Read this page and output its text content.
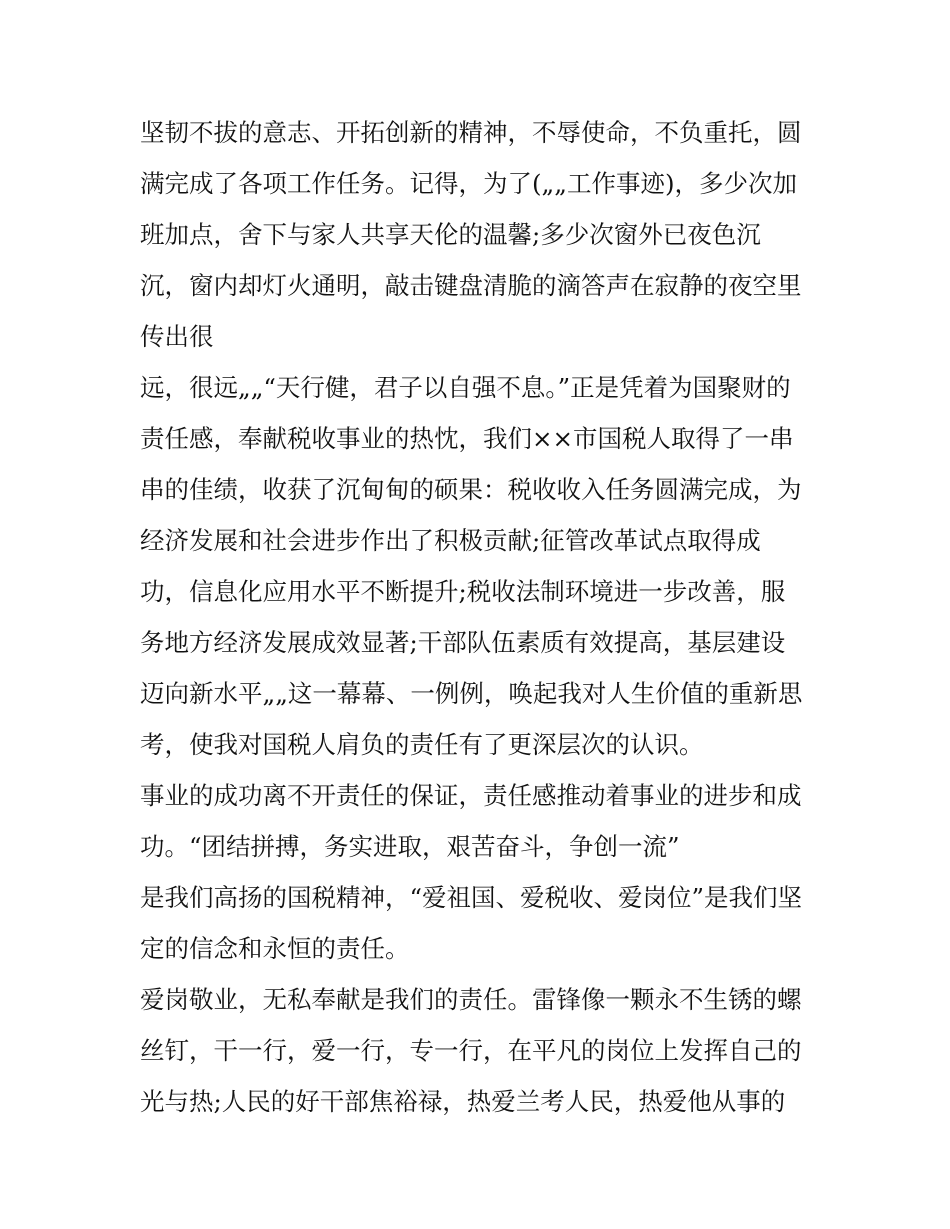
坚韧不拔的意志、开拓创新的精神，不辱使命，不负重托，圆
满完成了各项工作任务。记得，为了(„„工作事迹)，多少次加
班加点，舍下与家人共享天伦的温馨;多少次窗外已夜色沉
沉，窗内却灯火通明，敲击键盘清脆的滴答声在寂静的夜空里
传出很
远，很远„„“天行健，君子以自强不息。”正是凭着为国聚财的
责任感，奉献税收事业的热忱，我们××市国税人取得了一串
串的佳绩，收获了沉甸甸的硕果：税收收入任务圆满完成，为
经济发展和社会进步作出了积极贡献;征管改革试点取得成
功，信息化应用水平不断提升;税收法制环境进一步改善，服
务地方经济发展成效显著;干部队伍素质有效提高，基层建设
迈向新水平„„这一幕幕、一例例，唤起我对人生价值的重新思
考，使我对国税人肩负的责任有了更深层次的认识。
事业的成功离不开责任的保证，责任感推动着事业的进步和成
功。“团结拼搏，务实进取，艰苦奋斗，争创一流”
是我们高扬的国税精神，“爱祖国、爱税收、爱岗位”是我们坚
定的信念和永恒的责任。
爱岗敬业，无私奉献是我们的责任。雷锋像一颗永不生锈的螺
丝钉，干一行，爱一行，专一行，在平凡的岗位上发挥自己的
光与热;人民的好干部焦裕禄，热爱兰考人民，热爱他从事的
